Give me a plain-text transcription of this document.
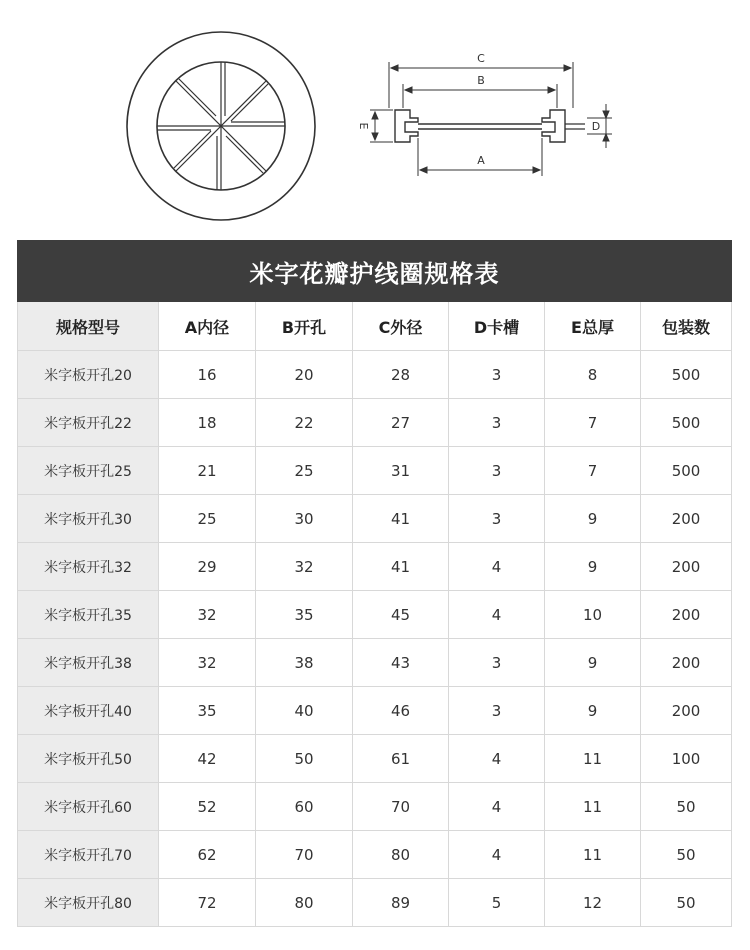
C
B
A
E	D
米字花瓣护线圈规格表						
规格型号	A内径	B开孔	C外径	D卡槽	E总厚	包装数
米字板开孔20	16	20	28	3	8	500
米字板开孔22	18	22	27	3	7	500
米字板开孔25	21	25	31	3	7	500
米字板开孔30	25	30	41	3	9	200
米字板开孔32	29	32	41	4	9	200
米字板开孔35	32	35	45	4	10	200
米字板开孔38	32	38	43	3	9	200
米字板开孔40	35	40	46	3	9	200
米字板开孔50	42	50	61	4	11	100
米字板开孔60	52	60	70	4	11	50
米字板开孔70	62	70	80	4	11	50
米字板开孔80	72	80	89	5	12	50
